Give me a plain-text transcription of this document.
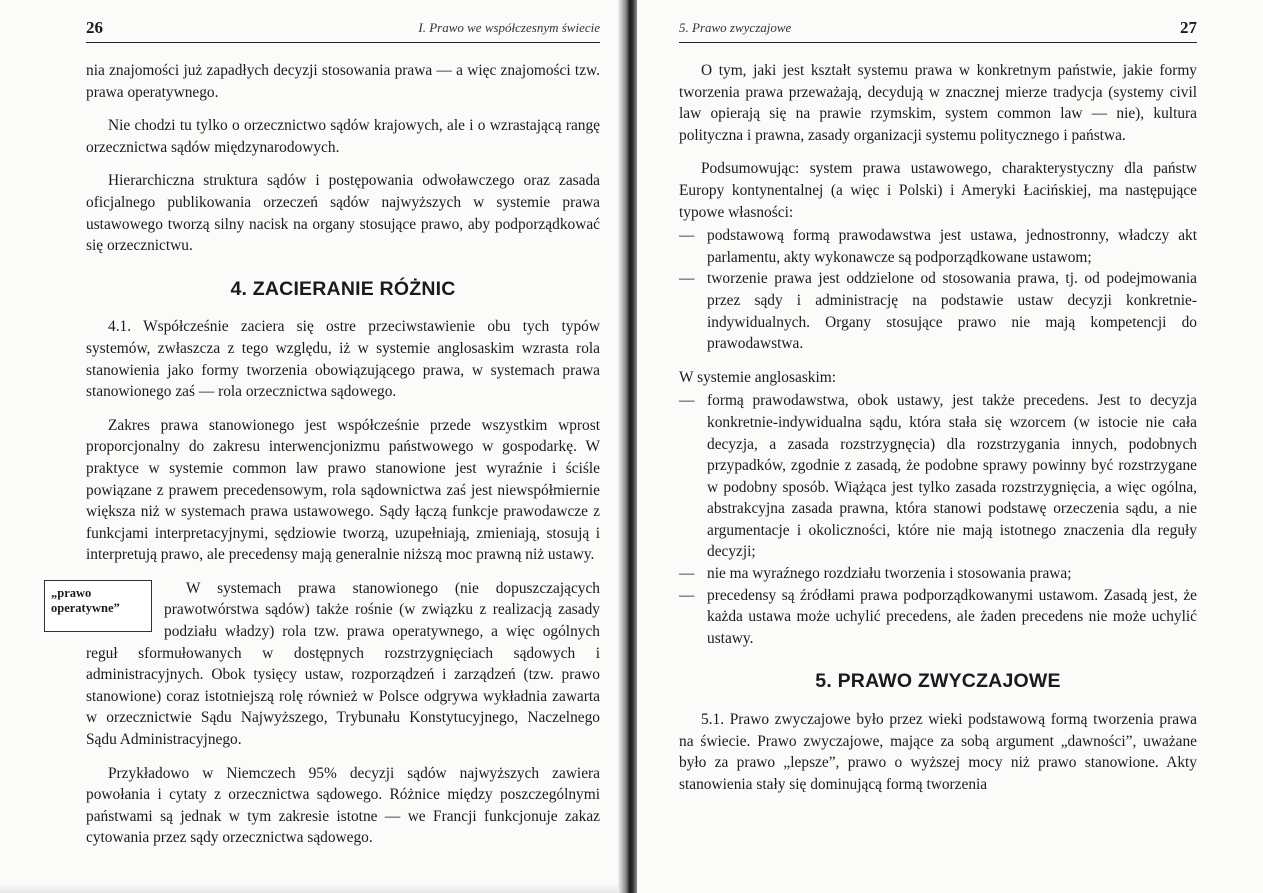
26	I. Prawo we współczesnym świecie

nia znajomości już zapadłych decyzji stosowania prawa — a więc znajomości tzw. prawa operatywnego.

Nie chodzi tu tylko o orzecznictwo sądów krajowych, ale i o wzrastającą rangę orzecznictwa sądów międzynarodowych.

Hierarchiczna struktura sądów i postępowania odwoławczego oraz zasada oficjalnego publikowania orzeczeń sądów najwyższych w systemie prawa ustawowego tworzą silny nacisk na organy stosujące prawo, aby podporządkować się orzecznictwu.

4. ZACIERANIE RÓŻNIC

4.1. Współcześnie zaciera się ostre przeciwstawienie obu tych typów systemów, zwłaszcza z tego względu, iż w systemie anglosaskim wzrasta rola stanowienia jako formy tworzenia obowiązującego prawa, w systemach prawa stanowionego zaś — rola orzecznictwa sądowego.

Zakres prawa stanowionego jest współcześnie przede wszystkim wprost proporcjonalny do zakresu interwencjonizmu państwowego w gospodarkę. W praktyce w systemie common law prawo stanowione jest wyraźnie i ściśle powiązane z prawem precedensowym, rola sądownictwa zaś jest niewspółmiernie większa niż w systemach prawa ustawowego. Sądy łączą funkcje prawodawcze z funkcjami interpretacyjnymi, sędziowie tworzą, uzupełniają, zmieniają, stosują i interpretują prawo, ale precedensy mają generalnie niższą moc prawną niż ustawy.

„prawo operatywne”
W systemach prawa stanowionego (nie dopuszczających prawotwórstwa sądów) także rośnie (w związku z realizacją zasady podziału władzy) rola tzw. prawa operatywnego, a więc ogólnych reguł sformułowanych w dostępnych rozstrzygnięciach sądowych i administracyjnych. Obok tysięcy ustaw, rozporządzeń i zarządzeń (tzw. prawo stanowione) coraz istotniejszą rolę również w Polsce odgrywa wykładnia zawarta w orzecznictwie Sądu Najwyższego, Trybunału Konstytucyjnego, Naczelnego Sądu Administracyjnego.

Przykładowo w Niemczech 95% decyzji sądów najwyższych zawiera powołania i cytaty z orzecznictwa sądowego. Różnice między poszczególnymi państwami są jednak w tym zakresie istotne — we Francji funkcjonuje zakaz cytowania przez sądy orzecznictwa sądowego.

5. Prawo zwyczajowe	27

O tym, jaki jest kształt systemu prawa w konkretnym państwie, jakie formy tworzenia prawa przeważają, decydują w znacznej mierze tradycja (systemy civil law opierają się na prawie rzymskim, system common law — nie), kultura polityczna i prawna, zasady organizacji systemu politycznego i państwa.

Podsumowując: system prawa ustawowego, charakterystyczny dla państw Europy kontynentalnej (a więc i Polski) i Ameryki Łacińskiej, ma następujące typowe własności:

— podstawową formą prawodawstwa jest ustawa, jednostronny, władczy akt parlamentu, akty wykonawcze są podporządkowane ustawom;
— tworzenie prawa jest oddzielone od stosowania prawa, tj. od podejmowania przez sądy i administrację na podstawie ustaw decyzji konkretnie-indywidualnych. Organy stosujące prawo nie mają kompetencji do prawodawstwa.

W systemie anglosaskim:

— formą prawodawstwa, obok ustawy, jest także precedens. Jest to decyzja konkretnie-indywidualna sądu, która stała się wzorcem (w istocie nie cała decyzja, a zasada rozstrzygnęcia) dla rozstrzygania innych, podobnych przypadków, zgodnie z zasadą, że podobne sprawy powinny być rozstrzygane w podobny sposób. Wiążąca jest tylko zasada rozstrzygnięcia, a więc ogólna, abstrakcyjna zasada prawna, która stanowi podstawę orzeczenia sądu, a nie argumentacje i okoliczności, które nie mają istotnego znaczenia dla reguły decyzji;
— nie ma wyraźnego rozdziału tworzenia i stosowania prawa;
— precedensy są źródłami prawa podporządkowanymi ustawom. Zasadą jest, że każda ustawa może uchylić precedens, ale żaden precedens nie może uchylić ustawy.
5. PRAWO ZWYCZAJOWE

5.1. Prawo zwyczajowe było przez wieki podstawową formą tworzenia prawa na świecie. Prawo zwyczajowe, mające za sobą argument „dawności”, uważane było za prawo „lepsze”, prawo o wyższej mocy niż prawo stanowione. Akty stanowienia stały się dominującą formą tworzenia
